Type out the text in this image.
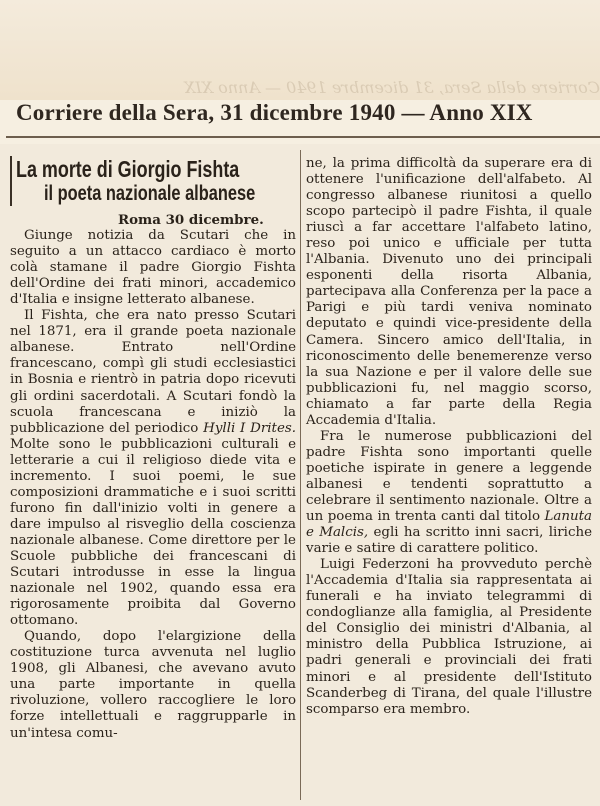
Corriere della Sera, 31 dicembre 1940 — Anno XIX
Corriere della Sera, 31 dicembre 1940 — Anno XIX
La morte di Giorgio Fishta
il poeta nazionale albanese
Roma 30 dicembre.

Giunge notizia da Scutari che in seguito a un attacco cardiaco è morto colà stamane il padre Giorgio Fishta dell'Ordine dei frati minori, accademico d'Italia e insigne letterato albanese.

Il Fishta, che era nato presso Scutari nel 1871, era il grande poeta nazionale albanese. Entrato nell'Ordine francescano, compì gli studi ecclesiastici in Bosnia e rientrò in patria dopo ricevuti gli ordini sacerdotali. A Scutari fondò la scuola francescana e iniziò la pubblicazione del periodico Hylli I Drites. Molte sono le pubblicazioni culturali e letterarie a cui il religioso diede vita e incremento. I suoi poemi, le sue composizioni drammatiche e i suoi scritti furono fin dall'inizio volti in genere a dare impulso al risveglio della coscienza nazionale albanese. Come direttore per le Scuole pubbliche dei francescani di Scutari introdusse in esse la lingua nazionale nel 1902, quando essa era rigorosamente proibita dal Governo ottomano.

Quando, dopo l'elargizione della costituzione turca avvenuta nel luglio 1908, gli Albanesi, che avevano avuto una parte importante in quella rivoluzione, vollero raccogliere le loro forze intellettuali e raggrupparle in un'intesa comu-

ne, la prima difficoltà da superare era di ottenere l'unificazione dell'alfabeto. Al congresso albanese riunitosi a quello scopo partecipò il padre Fishta, il quale riuscì a far accettare l'alfabeto latino, reso poi unico e ufficiale per tutta l'Albania. Divenuto uno dei principali esponenti della risorta Albania, partecipava alla Conferenza per la pace a Parigi e più tardi veniva nominato deputato e quindi vice-presidente della Camera. Sincero amico dell'Italia, in riconoscimento delle benemerenze verso la sua Nazione e per il valore delle sue pubblicazioni fu, nel maggio scorso, chiamato a far parte della Regia Accademia d'Italia.

Fra le numerose pubblicazioni del padre Fishta sono importanti quelle poetiche ispirate in genere a leggende albanesi e tendenti soprattutto a celebrare il sentimento nazionale. Oltre a un poema in trenta canti dal titolo Lanuta e Malcis, egli ha scritto inni sacri, liriche varie e satire di carattere politico.

Luigi Federzoni ha provveduto perchè l'Accademia d'Italia sia rappresentata ai funerali e ha inviato telegrammi di condoglianze alla famiglia, al Presidente del Consiglio dei ministri d'Albania, al ministro della Pubblica Istruzione, ai padri generali e provinciali dei frati minori e al presidente dell'Istituto Scanderbeg di Tirana, del quale l'illustre scomparso era membro.
